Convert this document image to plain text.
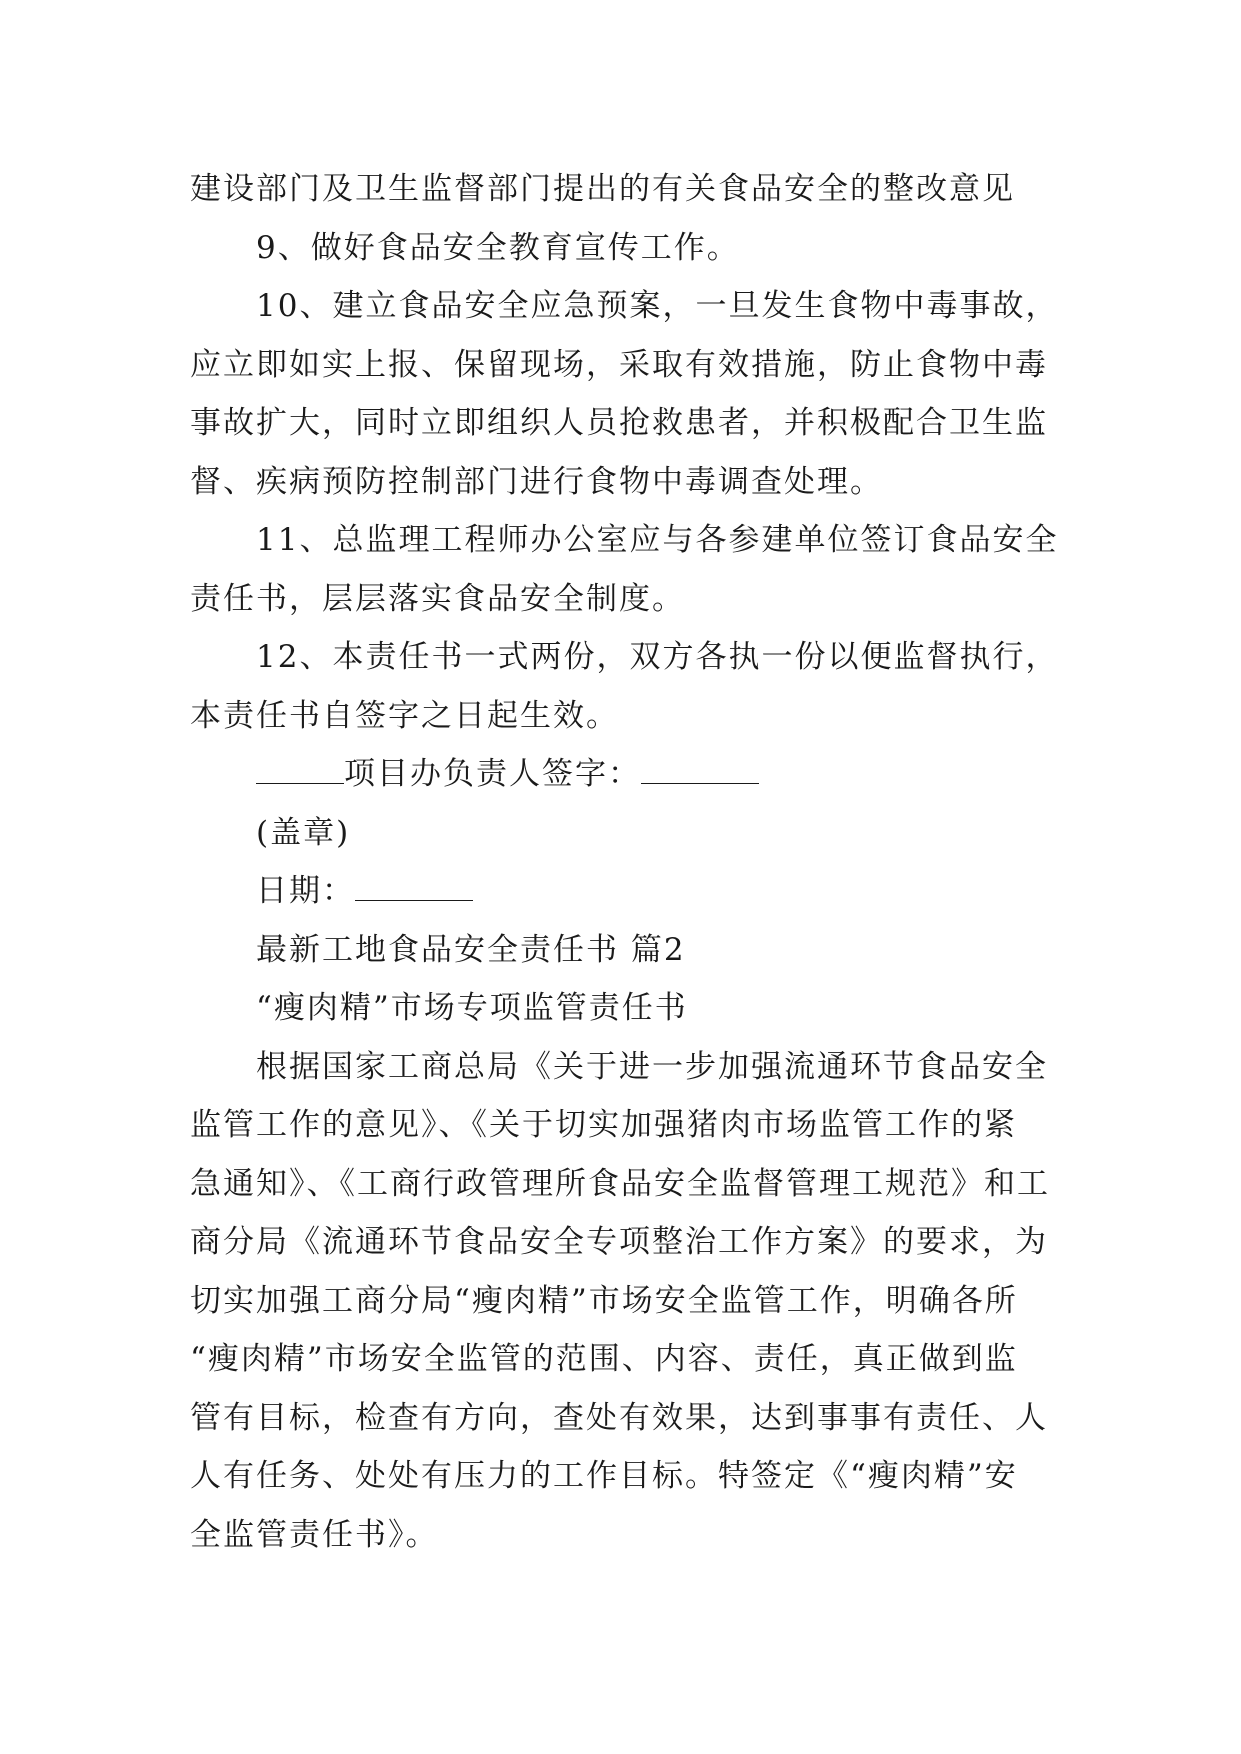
建设部门及卫生监督部门提出的有关食品安全的整改意见
9、做好食品安全教育宣传工作。
10、建立食品安全应急预案，一旦发生食物中毒事故，
应立即如实上报、保留现场，采取有效措施，防止食物中毒
事故扩大，同时立即组织人员抢救患者，并积极配合卫生监
督、疾病预防控制部门进行食物中毒调查处理。
11、总监理工程师办公室应与各参建单位签订食品安全
责任书，层层落实食品安全制度。
12、本责任书一式两份，双方各执一份以便监督执行，
本责任书自签字之日起生效。
项目办负责人签字：
(盖章)
日期：
最新工地食品安全责任书 篇2
“瘦肉精”市场专项监管责任书
根据国家工商总局《关于进一步加强流通环节食品安全
监管工作的意见》、《关于切实加强猪肉市场监管工作的紧
急通知》、《工商行政管理所食品安全监督管理工规范》和工
商分局《流通环节食品安全专项整治工作方案》的要求，为
切实加强工商分局“瘦肉精”市场安全监管工作，明确各所
“瘦肉精”市场安全监管的范围、内容、责任，真正做到监
管有目标，检查有方向，查处有效果，达到事事有责任、人
人有任务、处处有压力的工作目标。特签定《“瘦肉精”安
全监管责任书》。
